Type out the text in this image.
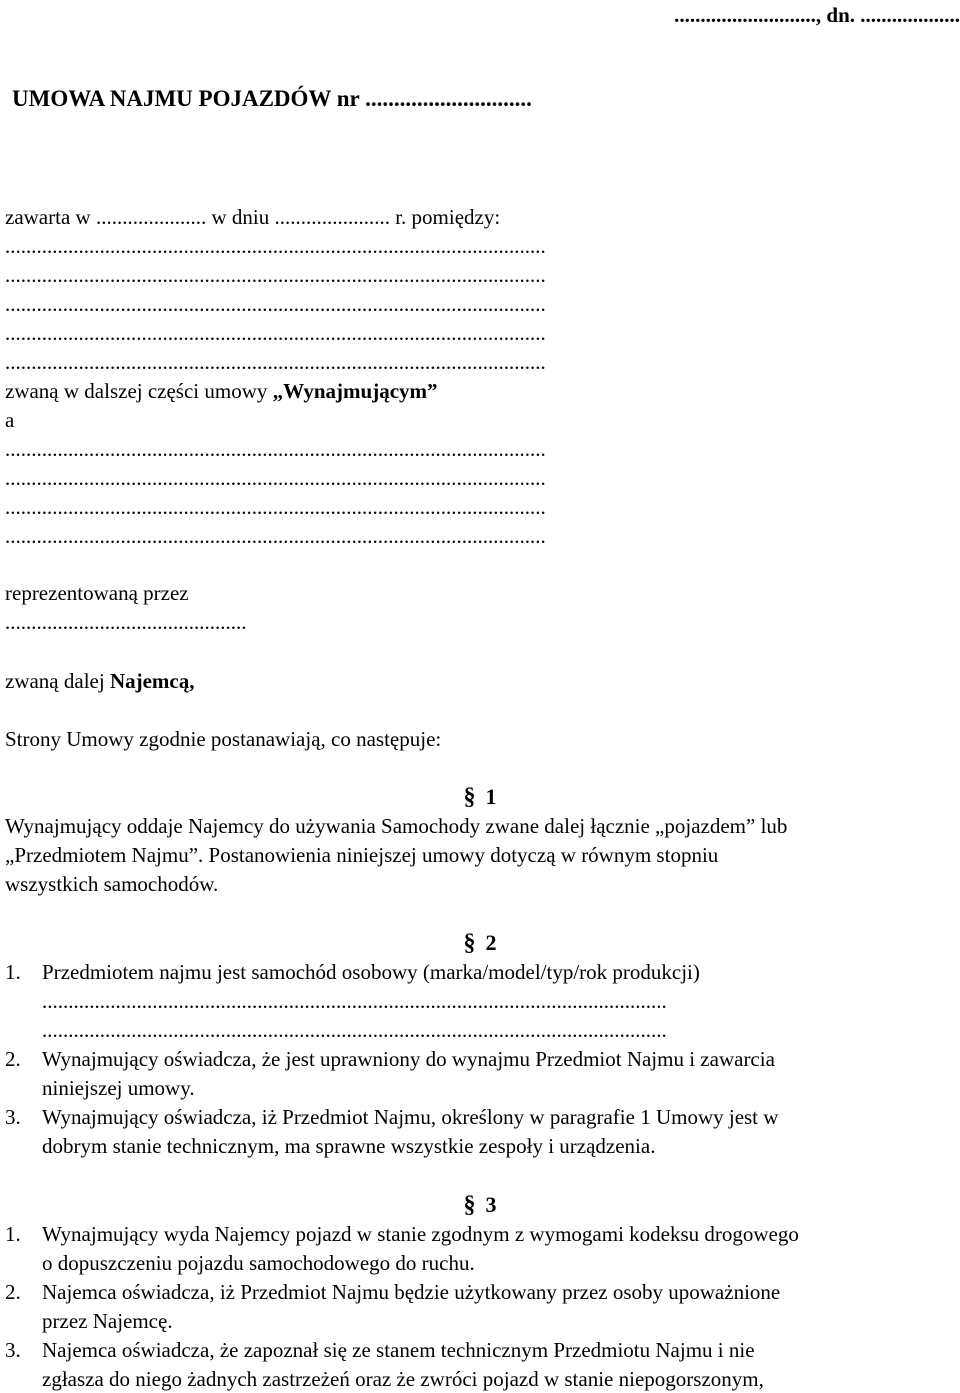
..........................., dn. ...................
UMOWA NAJMU POJAZDÓW nr .............................
zawarta w ..................... w dniu ...................... r. pomiędzy:
.......................................................................................................
.......................................................................................................
.......................................................................................................
.......................................................................................................
.......................................................................................................
zwaną w dalszej części umowy „Wynajmującym”
a
.......................................................................................................
.......................................................................................................
.......................................................................................................
.......................................................................................................
reprezentowaną przez
..............................................
zwaną dalej Najemcą,
Strony Umowy zgodnie postanawiają, co następuje:
§ 1
Wynajmujący oddaje Najemcy do używania Samochody zwane dalej łącznie „pojazdem” lub
„Przedmiotem Najmu”. Postanowienia niniejszej umowy dotyczą w równym stopniu
wszystkich samochodów.
§ 2
1. Przedmiotem najmu jest samochód osobowy (marka/model/typ/rok produkcji)
.......................................................................................................................
.......................................................................................................................
2. Wynajmujący oświadcza, że jest uprawniony do wynajmu Przedmiot Najmu i zawarcia
niniejszej umowy.
3. Wynajmujący oświadcza, iż Przedmiot Najmu, określony w paragrafie 1 Umowy jest w
dobrym stanie technicznym, ma sprawne wszystkie zespoły i urządzenia.
§ 3
1. Wynajmujący wyda Najemcy pojazd w stanie zgodnym z wymogami kodeksu drogowego
o dopuszczeniu pojazdu samochodowego do ruchu.
2. Najemca oświadcza, iż Przedmiot Najmu będzie użytkowany przez osoby upoważnione
przez Najemcę.
3. Najemca oświadcza, że zapoznał się ze stanem technicznym Przedmiotu Najmu i nie
zgłasza do niego żadnych zastrzeżeń oraz że zwróci pojazd w stanie niepogorszonym,
